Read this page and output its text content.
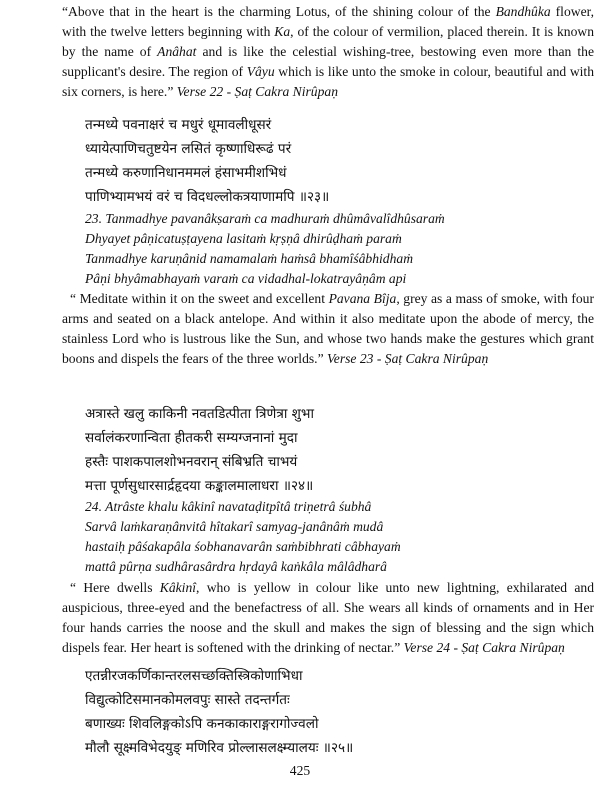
“Above that in the heart is the charming Lotus, of the shining colour of the Bandhûka flower, with the twelve letters beginning with Ka, of the colour of vermilion, placed therein. It is known by the name of Anâhat and is like the celestial wishing-tree, bestowing even more than the supplicant's desire. The region of Vâyu which is like unto the smoke in colour, beautiful and with six corners, is here.” Verse 22 - Ṣaṭ Cakra Nirûpaṇ

तन्मध्ये पवनाक्षरं च मधुरं धूमावलीधूसरं
ध्यायेत्पाणिचतुष्टयेन लसितं कृष्णाधिरूढं परं
तन्मध्ये करुणानिधानममलं हंसाभमीशभिधं
पाणिभ्यामभयं वरं च विदधल्लोकत्रयाणामपि ॥२३॥
23. Tanmadhye pavanâkṣaraṁ ca madhuraṁ dhûmâvalîdhûsaraṁ
Dhyayet pâṇicatuṣṭayena lasitaṁ kṛṣṇâ dhirûḍhaṁ paraṁ
Tanmadhye karuṇânid namamalaṁ haṁsâ bhamîśâbhidhaṁ
Pâṇi bhyâmabhayaṁ varaṁ ca vidadhal-lokatrayâṇâm api

“ Meditate within it on the sweet and excellent Pavana Bîja, grey as a mass of smoke, with four arms and seated on a black antelope. And within it also meditate upon the abode of mercy, the stainless Lord who is lustrous like the Sun, and whose two hands make the gestures which grant boons and dispels the fears of the three worlds.” Verse 23 - Ṣaṭ Cakra Nirûpaṇ

अत्रास्ते खलु काकिनी नवतडित्पीता त्रिणेत्रा शुभा
सर्वालंकरणान्विता हीतकरी सम्यग्जनानां मुदा
हस्तैः पाशकपालशोभनवरान् संबिभ्रति चाभयं
मत्ता पूर्णसुधारसार्द्रहृदया कङ्कालमालाधरा ॥२४॥
24. Atrâste khalu kâkinî navataḍitpîtâ triṇetrâ śubhâ
Sarvâ laṁkaraṇânvitâ hîtakarî samyag-janânâṁ mudâ
hastaiḥ pâśakapâla śobhanavarân saṁbibhrati câbhayaṁ
mattâ pûrṇa sudhârasârdra hṛdayâ kaṅkâla mâlâdharâ

“ Here dwells Kâkinî, who is yellow in colour like unto new lightning, exhilarated and auspicious, three-eyed and the benefactress of all. She wears all kinds of ornaments and in Her four hands carries the noose and the skull and makes the sign of blessing and the sign which dispels fear. Her heart is softened with the drinking of nectar.” Verse 24 - Ṣaṭ Cakra Nirûpaṇ

एतन्नीरजकर्णिकान्तरलसच्छक्तिस्त्रिकोणाभिधा
विद्युत्कोटिसमानकोमलवपुः सास्ते तदन्तर्गतः
बणाख्यः शिवलिङ्गकोऽपि कनकाकाराङ्गरागोज्वलो
मौलौ सूक्ष्मविभेदयुङ् मणिरिव प्रोल्लासलक्ष्म्यालयः ॥२५॥

425
